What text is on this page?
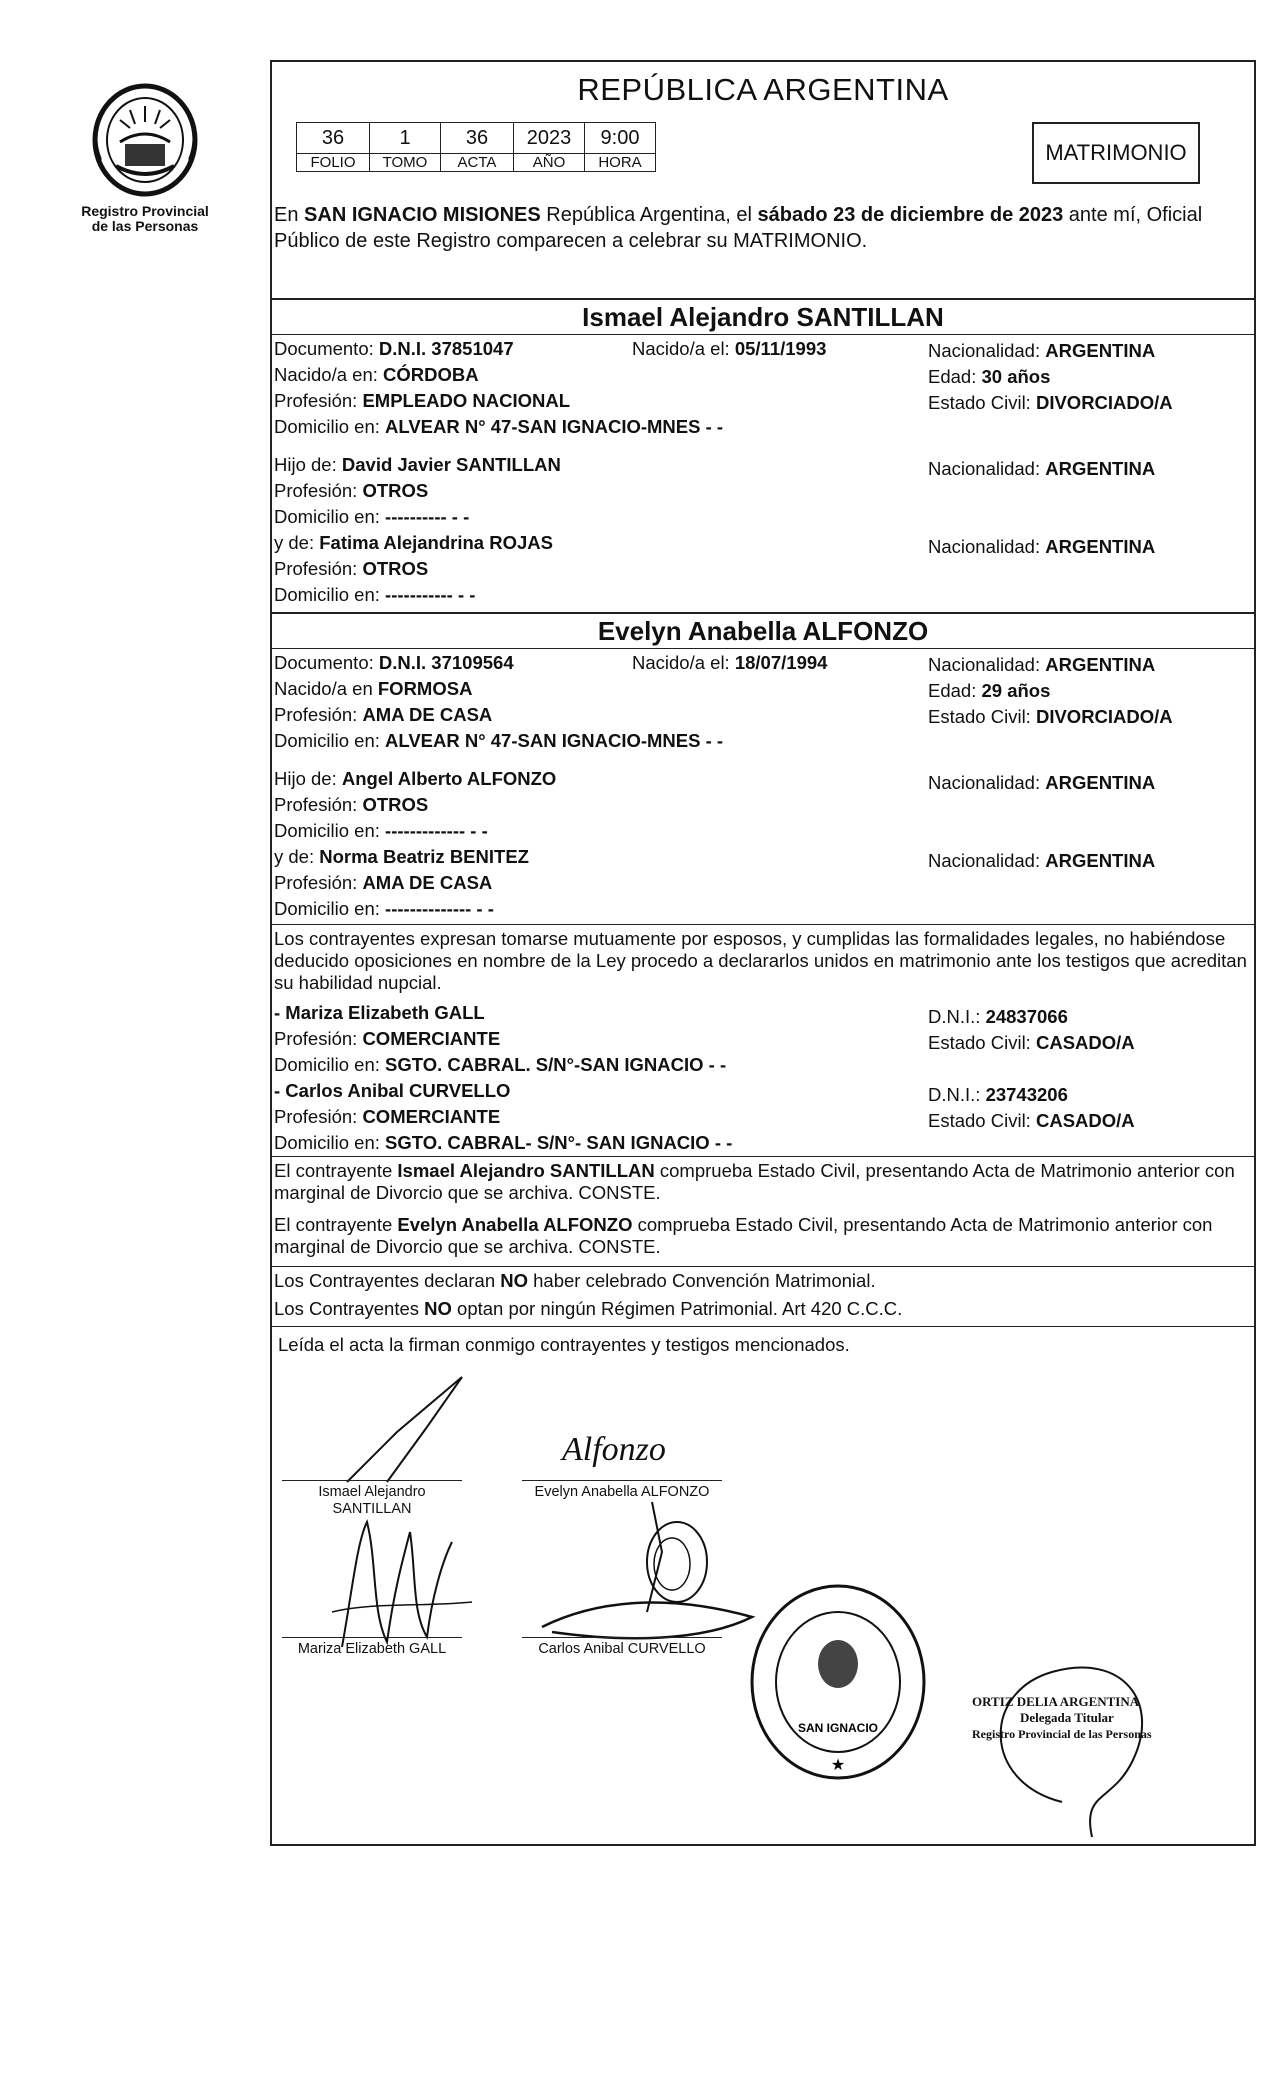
Registro Provincial
de las Personas
REPÚBLICA ARGENTINA
36	1	36	2023	9:00
FOLIO	TOMO	ACTA	AÑO	HORA	MATRIMONIO
En SAN IGNACIO MISIONES República Argentina, el sábado 23 de diciembre de 2023 ante mí, Oficial Público de este Registro comparecen a celebrar su MATRIMONIO.
Ismael Alejandro SANTILLAN
Documento: D.N.I. 37851047	Nacido/a el: 05/11/1993	Nacionalidad: ARGENTINA
Nacido/a en: CÓRDOBA	Edad: 30 años
Profesión: EMPLEADO NACIONAL	Estado Civil: DIVORCIADO/A
Domicilio en: ALVEAR N° 47-SAN IGNACIO-MNES - -
Hijo de: David Javier SANTILLAN	Nacionalidad: ARGENTINA
Profesión: OTROS
Domicilio en: ---------- - -
y de: Fatima Alejandrina ROJAS	Nacionalidad: ARGENTINA
Profesión: OTROS
Domicilio en: ----------- - -
Evelyn Anabella ALFONZO
Documento: D.N.I. 37109564	Nacido/a el: 18/07/1994	Nacionalidad: ARGENTINA
Nacido/a en FORMOSA	Edad: 29 años
Profesión: AMA DE CASA	Estado Civil: DIVORCIADO/A
Domicilio en: ALVEAR N° 47-SAN IGNACIO-MNES - -
Hijo de: Angel Alberto ALFONZO	Nacionalidad: ARGENTINA
Profesión: OTROS
Domicilio en: ------------- - -
y de: Norma Beatriz BENITEZ	Nacionalidad: ARGENTINA
Profesión: AMA DE CASA
Domicilio en: -------------- - -
Los contrayentes expresan tomarse mutuamente por esposos, y cumplidas las formalidades legales, no habiéndose deducido oposiciones en nombre de la Ley procedo a declararlos unidos en matrimonio ante los testigos que acreditan su habilidad nupcial.
- Mariza Elizabeth GALL	D.N.I.: 24837066
Profesión: COMERCIANTE	Estado Civil: CASADO/A
Domicilio en: SGTO. CABRAL. S/N°-SAN IGNACIO - -
- Carlos Anibal CURVELLO	D.N.I.: 23743206
Profesión: COMERCIANTE	Estado Civil: CASADO/A
Domicilio en: SGTO. CABRAL- S/N°- SAN IGNACIO - -
El contrayente Ismael Alejandro SANTILLAN comprueba Estado Civil, presentando Acta de Matrimonio anterior con marginal de Divorcio que se archiva. CONSTE.
El contrayente Evelyn Anabella ALFONZO comprueba Estado Civil, presentando Acta de Matrimonio anterior con marginal de Divorcio que se archiva. CONSTE.
Los Contrayentes declaran NO haber celebrado Convención Matrimonial.
Los Contrayentes NO optan por ningún Régimen Patrimonial. Art 420 C.C.C.
Leída el acta la firman conmigo contrayentes y testigos mencionados.
Ismael Alejandro
SANTILLAN
Alfonzo
Evelyn Anabella ALFONZO
Mariza Elizabeth GALL	Carlos Anibal CURVELLO
SAN IGNACIO
★
ORTIZ DELIA ARGENTINA
Delegada Titular
Registro Provincial de las Personas
